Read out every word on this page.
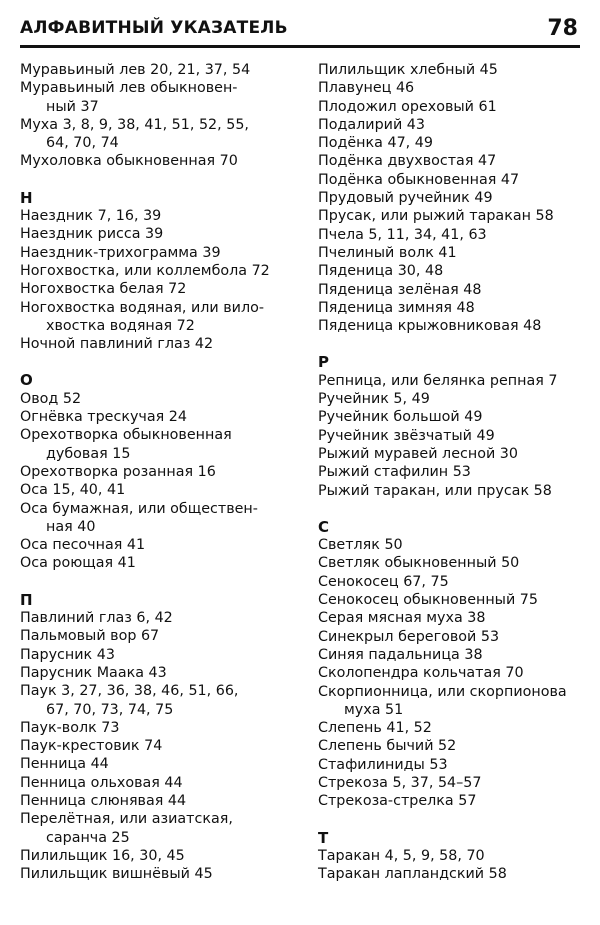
АЛФАВИТНЫЙ УКАЗАТЕЛЬ	78
Муравьиный лев 20, 21, 37, 54
Муравьиный лев обыкновен-
ный 37
Муха 3, 8, 9, 38, 41, 51, 52, 55,
64, 70, 74
Мухоловка обыкновенная 70
Н
Наездник 7, 16, 39
Наездник рисса 39
Наездник-трихограмма 39
Ногохвостка, или коллембола 72
Ногохвостка белая 72
Ногохвостка водяная, или вило-
хвостка водяная 72
Ночной павлиний глаз 42
О
Овод 52
Огнёвка трескучая 24
Орехотворка обыкновенная
дубовая 15
Орехотворка розанная 16
Оса 15, 40, 41
Оса бумажная, или обществен-
ная 40
Оса песочная 41
Оса роющая 41
П
Павлиний глаз 6, 42
Пальмовый вор 67
Парусник 43
Парусник Маака 43
Паук 3, 27, 36, 38, 46, 51, 66,
67, 70, 73, 74, 75
Паук-волк 73
Паук-крестовик 74
Пенница 44
Пенница ольховая 44
Пенница слюнявая 44
Перелётная, или азиатская,
саранча 25
Пилильщик 16, 30, 45
Пилильщик вишнёвый 45
Пилильщик хлебный 45
Плавунец 46
Плодожил ореховый 61
Подалирий 43
Подёнка 47, 49
Подёнка двухвостая 47
Подёнка обыкновенная 47
Прудовый ручейник 49
Прусак, или рыжий таракан 58
Пчела 5, 11, 34, 41, 63
Пчелиный волк 41
Пяденица 30, 48
Пяденица зелёная 48
Пяденица зимняя 48
Пяденица крыжовниковая 48
Р
Репница, или белянка репная 7
Ручейник 5, 49
Ручейник большой 49
Ручейник звёзчатый 49
Рыжий муравей лесной 30
Рыжий стафилин 53
Рыжий таракан, или прусак 58
С
Светляк 50
Светляк обыкновенный 50
Сенокосец 67, 75
Сенокосец обыкновенный 75
Серая мясная муха 38
Синекрыл береговой 53
Синяя падальница 38
Сколопендра кольчатая 70
Скорпионница, или скорпионова
муха 51
Слепень 41, 52
Слепень бычий 52
Стафилиниды 53
Стрекоза 5, 37, 54–57
Стрекоза-стрелка 57
Т
Таракан 4, 5, 9, 58, 70
Таракан лапландский 58
